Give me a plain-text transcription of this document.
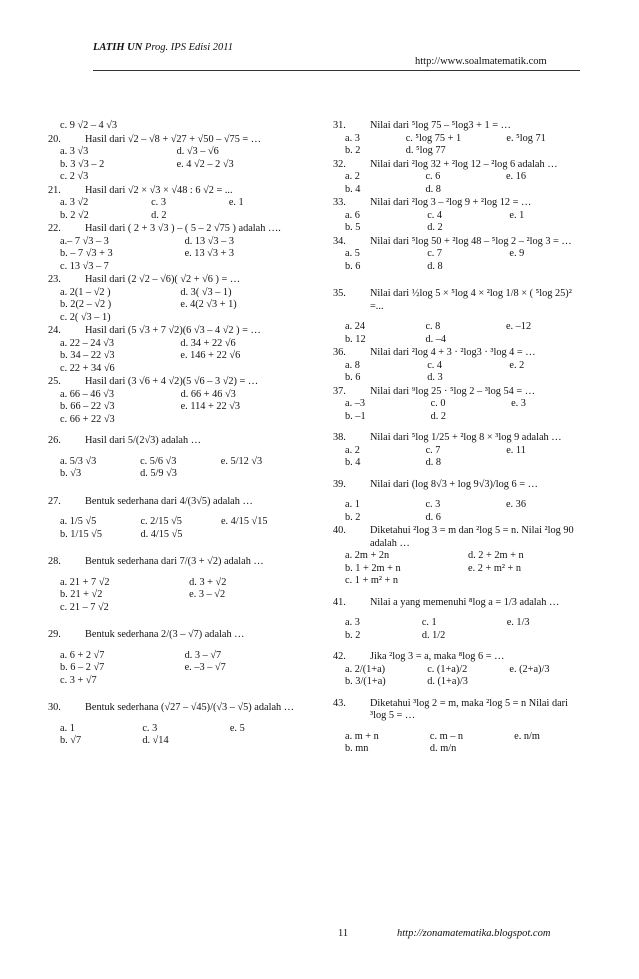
LATIH UN Prog. IPS Edisi 2011
http://www.soalmatematik.com
c. 9 √2 – 4 √3
20.	Hasil dari √2 – √8 + √27 + √50 – √75 = …
a. 3 √3	d. √3 – √6
b. 3 √3 – 2	e. 4 √2 – 2 √3
c. 2 √3
21.	Hasil dari √2 × √3 × √48 : 6 √2 = ...
a. 3 √2	c. 3	e. 1
b. 2 √2	d. 2
22.	Hasil dari ( 2 + 3 √3 ) – ( 5 – 2 √75 ) adalah ….
a.– 7 √3 – 3	d. 13 √3 – 3
b. – 7 √3 + 3	e. 13 √3 + 3
c. 13 √3 – 7
23.	Hasil dari (2 √2 – √6)( √2 + √6 ) = …
a. 2(1 – √2 )	d. 3( √3 – 1)
b. 2(2 – √2 )	e. 4(2 √3 + 1)
c. 2( √3 – 1)
24.	Hasil dari (5 √3 + 7 √2)(6 √3 – 4 √2 ) = …
a. 22 – 24 √3	d. 34 + 22 √6
b. 34 – 22 √3	e. 146 + 22 √6
c. 22 + 34 √6
25.	Hasil dari (3 √6 + 4 √2)(5 √6 – 3 √2) = …
a. 66 – 46 √3	d. 66 + 46 √3
b. 66 – 22 √3	e. 114 + 22 √3
c. 66 + 22 √3
26.	Hasil dari 5/(2√3) adalah …
a. 5/3 √3	c. 5/6 √3	e. 5/12 √3
b. √3	d. 5/9 √3
27.	Bentuk sederhana dari 4/(3√5) adalah …
a. 1/5 √5	c. 2/15 √5	e. 4/15 √15
b. 1/15 √5	d. 4/15 √5
28.	Bentuk sederhana dari 7/(3 + √2) adalah …
a. 21 + 7 √2	d. 3 + √2
b. 21 + √2	e. 3 – √2
c. 21 – 7 √2
29.	Bentuk sederhana 2/(3 – √7) adalah …
a. 6 + 2 √7	d. 3 – √7
b. 6 – 2 √7	e. –3 – √7
c. 3 + √7
30.	Bentuk sederhana (√27 – √45)/(√3 – √5) adalah …
a. 1	c. 3	e. 5
b. √7	d. √14
31.	Nilai dari ⁵log 75 – ⁵log3 + 1 = …
a. 3	c. ⁵log 75 + 1	e. ⁵log 71
b. 2	d. ⁵log 77
32.	Nilai dari ²log 32 + ²log 12 – ²log 6 adalah …
a. 2	c. 6	e. 16
b. 4	d. 8
33.	Nilai dari ²log 3 – ²log 9 + ²log 12 = …
a. 6	c. 4	e. 1
b. 5	d. 2
34.	Nilai dari ⁵log 50 + ²log 48 – ⁵log 2 – ²log 3 = …
a. 5	c. 7	e. 9
b. 6	d. 8
35.	Nilai dari ½log 5 × ⁵log 4 × ²log 1/8 × ( ⁵log 25)² =...
a. 24	c. 8	e. –12
b. 12	d. –4
36.	Nilai dari ²log 4 + 3 · ²log3 · ³log 4 = …
a. 8	c. 4	e. 2
b. 6	d. 3
37.	Nilai dari ⁹log 25 · ⁵log 2 – ³log 54 = …
a. –3	c. 0	e. 3
b. –1	d. 2
38.	Nilai dari ⁵log 1/25 + ²log 8 × ³log 9 adalah …
a. 2	c. 7	e. 11
b. 4	d. 8
39.	Nilai dari (log 8√3 + log 9√3)/log 6 = …
a. 1	c. 3	e. 36
b. 2	d. 6
40.	Diketahui ²log 3 = m dan ²log 5 = n. Nilai ²log 90 adalah …
a. 2m + 2n	d. 2 + 2m + n
b. 1 + 2m + n	e. 2 + m² + n
c. 1 + m² + n
41.	Nilai a yang memenuhi ⁸log a = 1/3 adalah …
a. 3	c. 1	e. 1/3
b. 2	d. 1/2
42.	Jika ²log 3 = a, maka ⁸log 6 = …
a. 2/(1+a)	c. (1+a)/2	e. (2+a)/3
b. 3/(1+a)	d. (1+a)/3
43.	Diketahui ³log 2 = m, maka ²log 5 = n Nilai dari ³log 5 = …
a. m + n	c. m – n	e. n/m
b. mn	d. m/n
11	http://zonamatematika.blogspot.com
